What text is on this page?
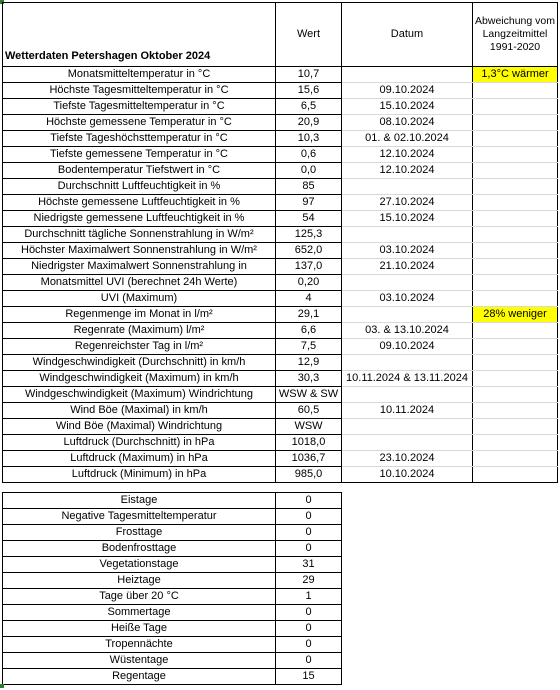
Wetterdaten Petershagen Oktober 2024	Wert	Datum	Abweichung vom Langzeitmittel 1991-2020
Monatsmitteltemperatur in °C	10,7		1,3°C wärmer
Höchste Tagesmitteltemperatur in °C	15,6	09.10.2024	
Tiefste Tagesmitteltemperatur in °C	6,5	15.10.2024	
Höchste gemessene Temperatur in °C	20,9	08.10.2024	
Tiefste Tageshöchsttemperatur in °C	10,3	01. & 02.10.2024	
Tiefste gemessene Temperatur in °C	0,6	12.10.2024	
Bodentemperatur Tiefstwert in °C	0,0	12.10.2024	
Durchschnitt Luftfeuchtigkeit in %	85		
Höchste gemessene Luftfeuchtigkeit in %	97	27.10.2024	
Niedrigste gemessene Luftfeuchtigkeit in %	54	15.10.2024	
Durchschnitt tägliche Sonnenstrahlung in W/m²	125,3		
Höchster Maximalwert Sonnenstrahlung in W/m²	652,0	03.10.2024	
Niedrigster Maximalwert Sonnenstrahlung in	137,0	21.10.2024	
Monatsmittel UVI (berechnet 24h Werte)	0,20		
UVI (Maximum)	4	03.10.2024	
Regenmenge im Monat in l/m²	29,1		28% weniger
Regenrate (Maximum) l/m²	6,6	03. & 13.10.2024	
Regenreichster Tag in l/m²	7,5	09.10.2024	
Windgeschwindigkeit (Durchschnitt) in km/h	12,9		
Windgeschwindigkeit (Maximum) in km/h	30,3	10.11.2024 & 13.11.2024	
Windgeschwindigkeit (Maximum) Windrichtung	WSW & SW		
Wind Böe (Maximal) in km/h	60,5	10.11.2024	
Wind Böe (Maximal) Windrichtung	WSW		
Luftdruck (Durchschnitt) in hPa	1018,0		
Luftdruck (Maximum) in hPa	1036,7	23.10.2024	
Luftdruck (Minimum) in hPa	985,0	10.10.2024	
Eistage	0
Negative Tagesmitteltemperatur	0
Frosttage	0
Bodenfrosttage	0
Vegetationstage	31
Heiztage	29
Tage über 20 °C	1
Sommertage	0
Heiße Tage	0
Tropennächte	0
Wüstentage	0
Regentage	15
